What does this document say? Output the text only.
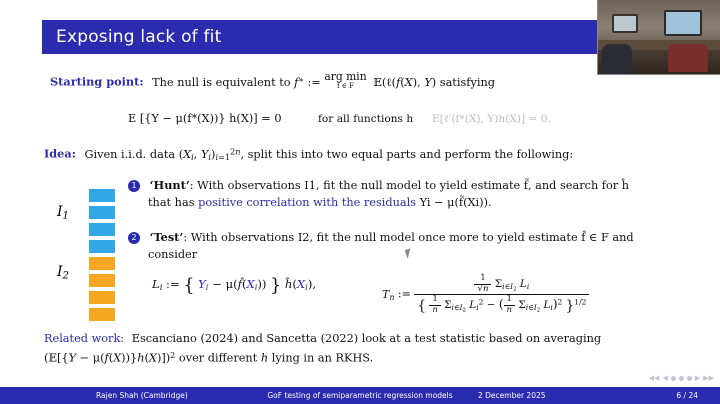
Exposing lack of fit
Starting point: The null is equivalent to f∗ := arg min
f ∈ F	𝔼(ℓ(f(X), Y) satisfying
E [{Y − μ(f*(X))} h(X)] = 0	for all functions h E[ℓ′(f*(X), Y)h(X)] = 0.
Idea: Given i.i.d. data ($X_i$, $Y_i)_{i=1}^{2n}$, split this into two equal parts and perform the following:
1 ‘Hunt’: With observations I1, fit the null model to yield estimate f̃, and search for ĥ
that has positive correlation with the residuals Yi − μ(f̃(Xi)).
2 ‘Test’: With observations I2, fit the null model once more to yield estimate f̂ ∈ F and
consider
$L_i$ := { $Y_i$ − $\mu(f̂(X_i))$ } $ĥ(X_i)$,
$T_n$ :=	$\frac{1}{√n} \Sigma_{i\in I_2}$ $L_i$
{ $\frac{1}{n} \Sigma_{i\in I_2}$ $L_i^2$ − ( $\frac{1}{n} \Sigma_{i\in I_2}$ $L_i)^2$ }$^{1/2}$
Related work: Escanciano (2024) and Sancetta (2022) look at a test statistic based on averaging
(𝔼[{Y − μ(f(X))}h(X)])$^2$ over different h lying in an RKHS.
$I_1$
$I_2$
◀◀ ◀	▶ ▶▶
Rajen Shah (Cambridge)	GoF testing of semiparametric regression models	2 December 2025	6 / 24
